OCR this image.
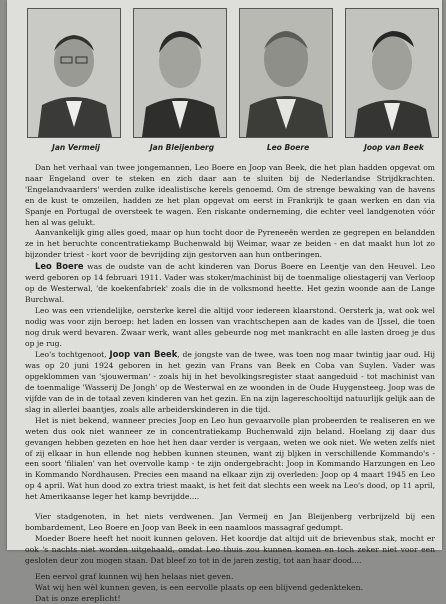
Jan Vermeij	Jan Bleijenberg	Leo Boere	Joop van Beek

Dan het verhaal van twee jongemannen, Leo Boere en Joop van Beek, die het plan hadden opgevat om naar Engeland over te steken en zich daar aan te sluiten bij de Nederlandse Strijdkrachten. 'Engelandvaarders' werden zulke idealistische kerels genoemd. Om de strenge bewaking van de havens en de kust te omzeilen, hadden ze het plan opgevat om eerst in Frankrijk te gaan werken en dan via Spanje en Portugal de oversteek te wagen. Een riskante onderneming, die echter veel landgenoten vóór hen al was gelukt.

Aanvankelijk ging alles goed, maar op hun tocht door de Pyreneeën werden ze gegrepen en belandden ze in het beruchte concentratiekamp Buchenwald bij Weimar, waar ze beiden - en dat maakt hun lot zo bijzonder triest - kort voor de bevrijding zijn gestorven aan hun ontberingen.

Leo Boere was de oudste van de acht kinderen van Dorus Boere en Leentje van den Heuvel. Leo werd geboren op 14 februari 1911. Vader was stoker/machinist bij de toenmalige oliestagerij van Verloop op de Westerwal, 'de koekenfabriek' zoals die in de volksmond heette. Het gezin woonde aan de Lange Burchwal.

Leo was een vriendelijke, oersterke kerel die altijd voor iedereen klaarstond. Oersterk ja, wat ook wel nodig was voor zijn beroep: het laden en lossen van vrachtschepen aan de kades van de IJssel, die toen nog druk werd bevaren. Zwaar werk, want alles gebeurde nog met mankracht en alle lasten droeg je dus op je rug.

Leo's tochtgenoot, Joop van Beek, de jongste van de twee, was toen nog maar twintig jaar oud. Hij was op 20 juni 1924 geboren in het gezin van Frans van Beek en Coba van Suylen. Vader was opgeklommen van 'sjouwerman' - zoals hij in het bevolkingsregister staat aangeduid - tot machinist van de toenmalige 'Wasserij De Jongh' op de Westerwal en ze woonden in de Oude Huygensteeg. Joop was de vijfde van de in de totaal zeven kinderen van het gezin. En na zijn lagereschooltijd natuurlijk gelijk aan de slag in allerlei baantjes, zoals alle arbeiderskinderen in die tijd.

Het is niet bekend, wanneer precies Joop en Leo hun gevaarvolle plan probeerden te realiseren en we weten dus ook niet wanneer ze in concentratiekamp Buchenwald zijn beland. Hoelang zij daar dus gevangen hebben gezeten en hoe het hen daar verder is vergaan, weten we ook niet. We weten zelfs niet of zij elkaar in hun ellende nog hebben kunnen steunen, want zij bljken in verschillende Kommando's - een soort 'filialen' van het overvolle kamp - te zijn ondergebracht: Joop in Kommando Harzungen en Leo in Kommando Nordhausen. Precies een maand na elkaar zijn zij overleden: Joop op 4 maart 1945 en Leo op 4 april. Wat hun dood zo extra triest maakt, is het feit dat slechts een week na Leo's dood, op 11 april, het Amerikaanse leger het kamp bevrijdde....

Vier stadgenoten, in het niets verdwenen. Jan Vermeij en Jan Bleijenberg verbrijzeld bij een bombardement, Leo Boere en Joop van Beek in een naamloos massagraf gedumpt.

Moeder Boere heeft het nooit kunnen geloven. Het koordje dat altijd uit de brievenbus stak, mocht er ook 's nachts niet worden uitgehaald, omdat Leo thuis zou kunnen komen en toch zeker niet voor een gesloten deur zou mogen staan. Dat bleef zo tot in de jaren zestig, tot aan haar dood....

Een eervol graf kunnen wij hen helaas niet geven.
Wat wij hen wèl kunnen geven, is een eervolle plaats op een blijvend gedenkteken.
Dat is onze erepIicht!
